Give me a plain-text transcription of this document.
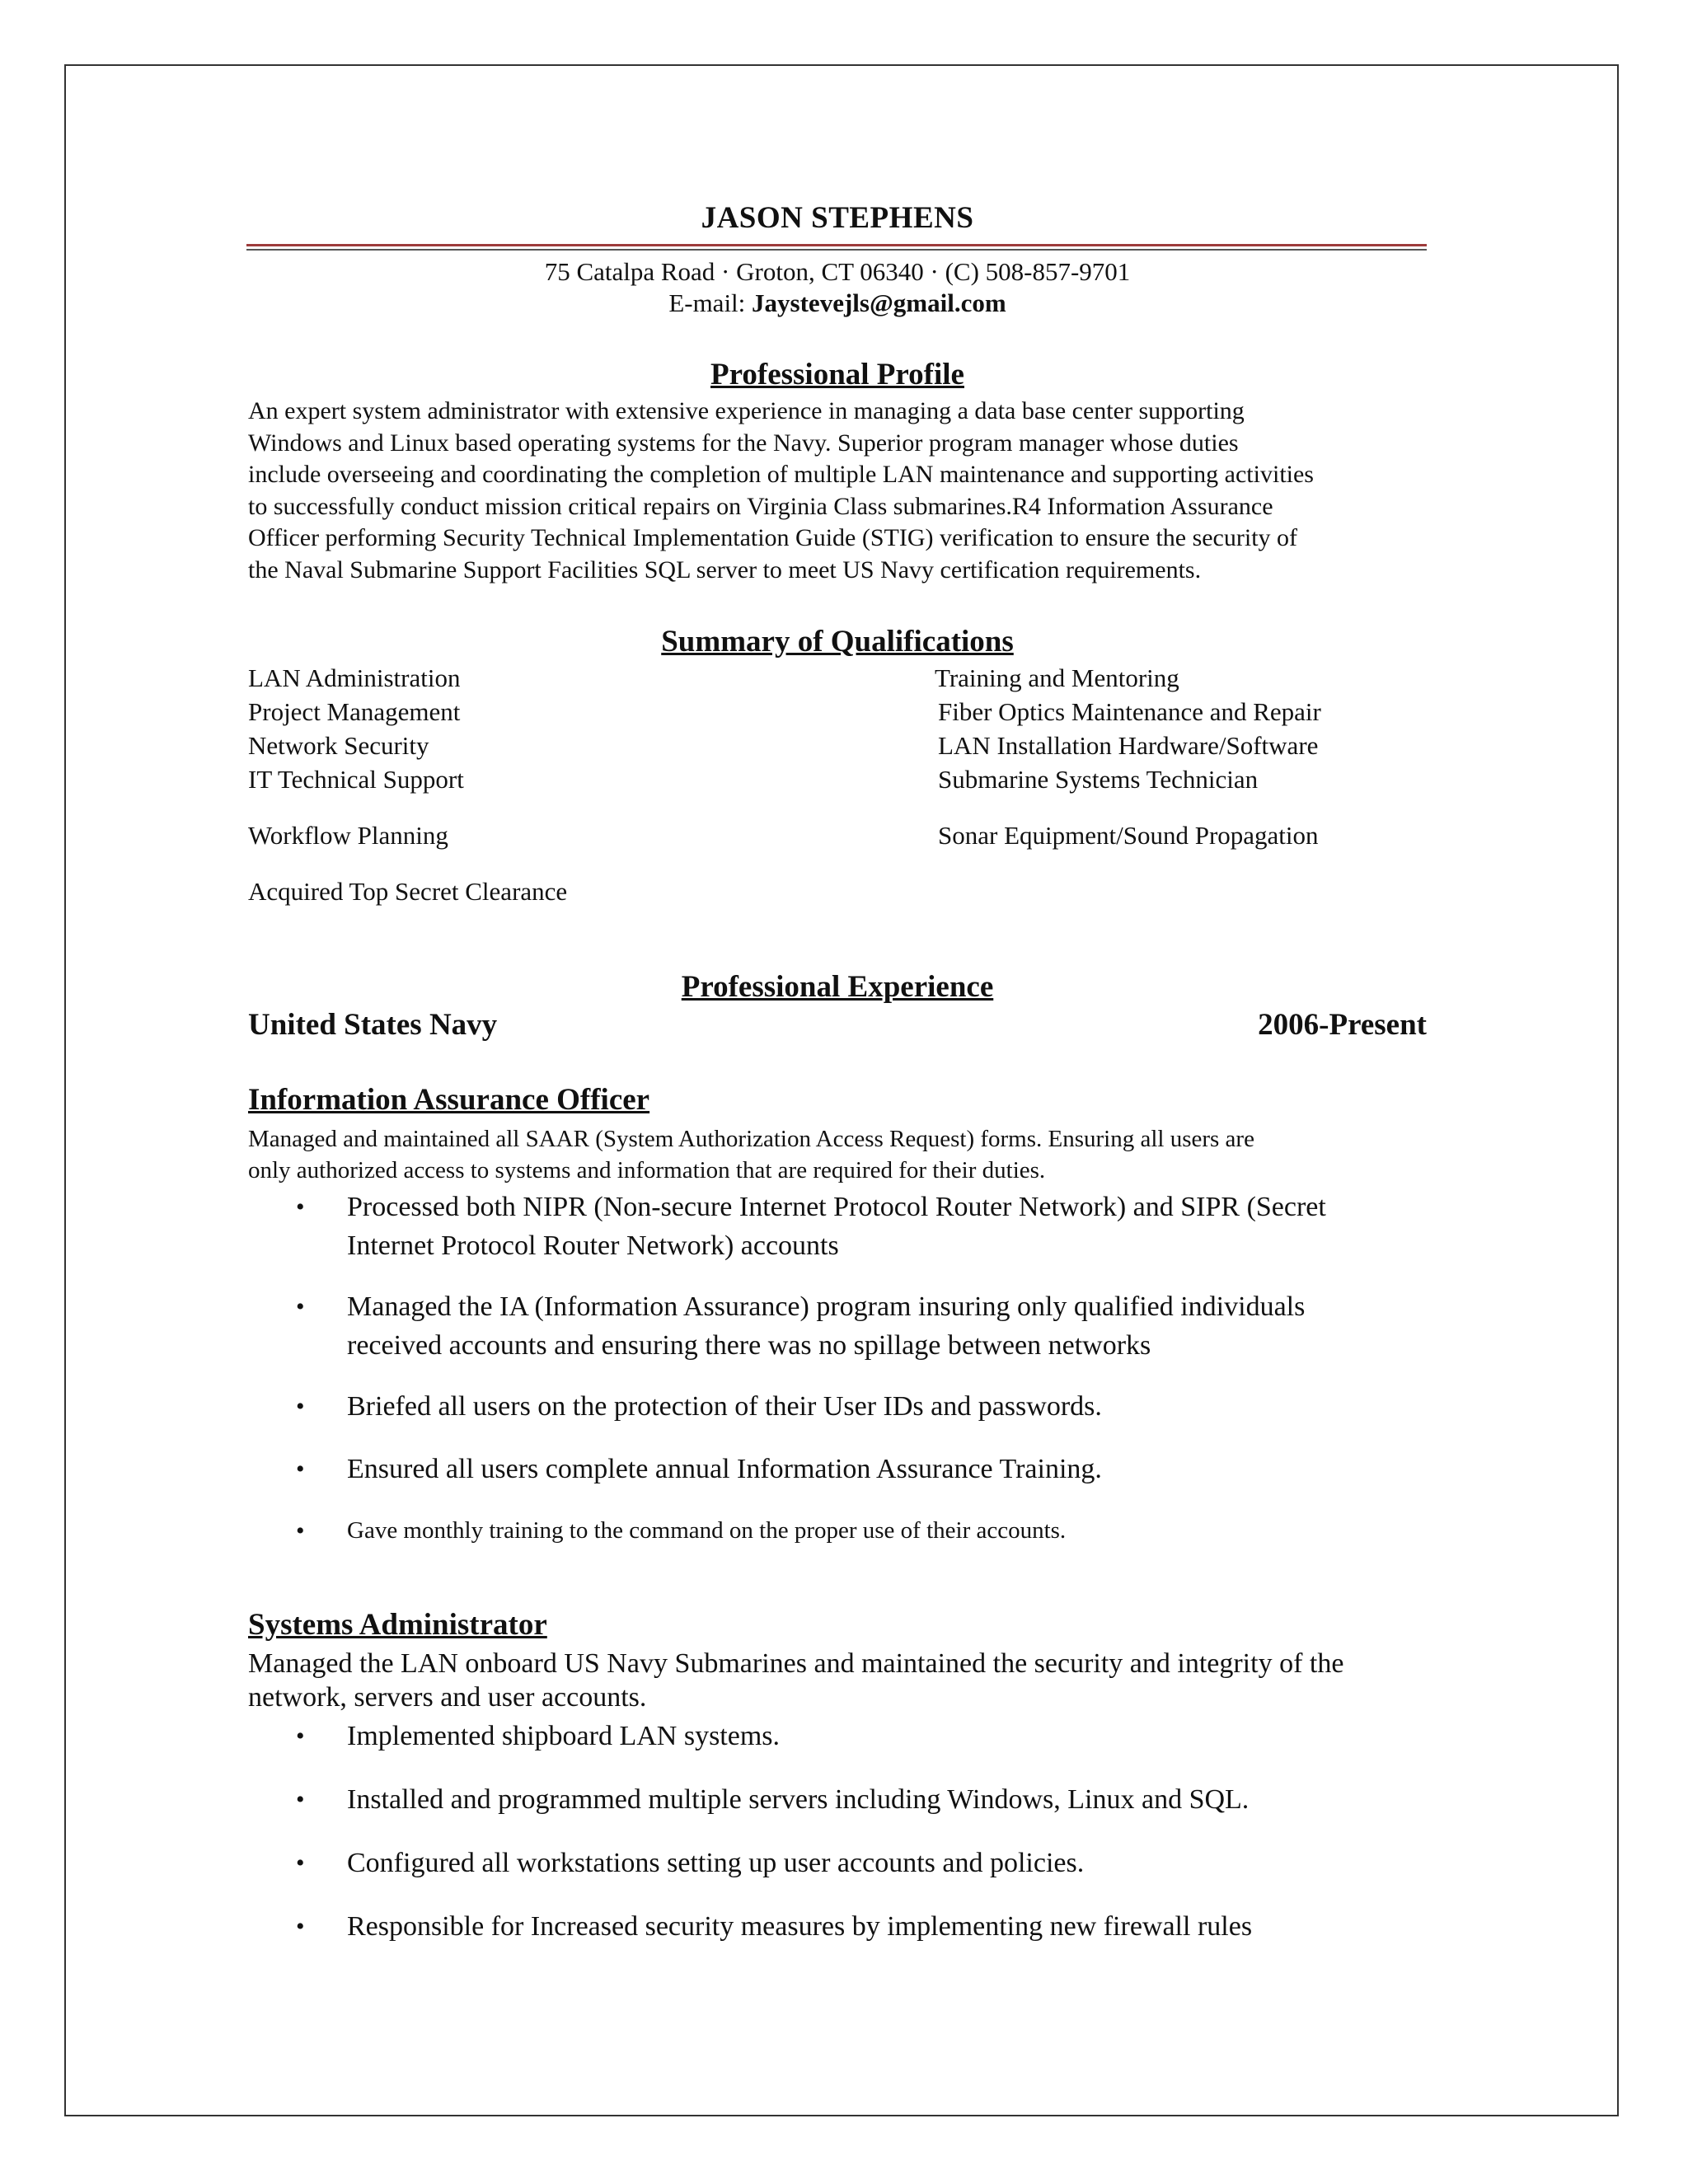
JASON STEPHENS
75 Catalpa Road · Groton, CT 06340 · (C) 508-857-9701
E-mail: Jaystevejls@gmail.com
Professional Profile
An expert system administrator with extensive experience in managing a data base center supporting
Windows and Linux based operating systems for the Navy. Superior program manager whose duties
include overseeing and coordinating the completion of multiple LAN maintenance and supporting activities
to successfully conduct mission critical repairs on Virginia Class submarines.R4 Information Assurance
Officer performing Security Technical Implementation Guide (STIG) verification to ensure the security of
the Naval Submarine Support Facilities SQL server to meet US Navy certification requirements.
Summary of Qualifications
LAN Administration
Project Management
Network Security
IT Technical Support
Workflow Planning
Acquired Top Secret Clearance
Training and Mentoring
Fiber Optics Maintenance and Repair
LAN Installation Hardware/Software
Submarine Systems Technician
Sonar Equipment/Sound Propagation
Professional Experience
United States Navy	2006-Present
Information Assurance Officer
Managed and maintained all SAAR (System Authorization Access Request) forms. Ensuring all users are
only authorized access to systems and information that are required for their duties.
• Processed both NIPR (Non-secure Internet Protocol Router Network) and SIPR (Secret
Internet Protocol Router Network) accounts
• Managed the IA (Information Assurance) program insuring only qualified individuals
received accounts and ensuring there was no spillage between networks
• Briefed all users on the protection of their User IDs and passwords.
• Ensured all users complete annual Information Assurance Training.
• Gave monthly training to the command on the proper use of their accounts.
Systems Administrator
Managed the LAN onboard US Navy Submarines and maintained the security and integrity of the
network, servers and user accounts.
• Implemented shipboard LAN systems.
• Installed and programmed multiple servers including Windows, Linux and SQL.
• Configured all workstations setting up user accounts and policies.
• Responsible for Increased security measures by implementing new firewall rules
